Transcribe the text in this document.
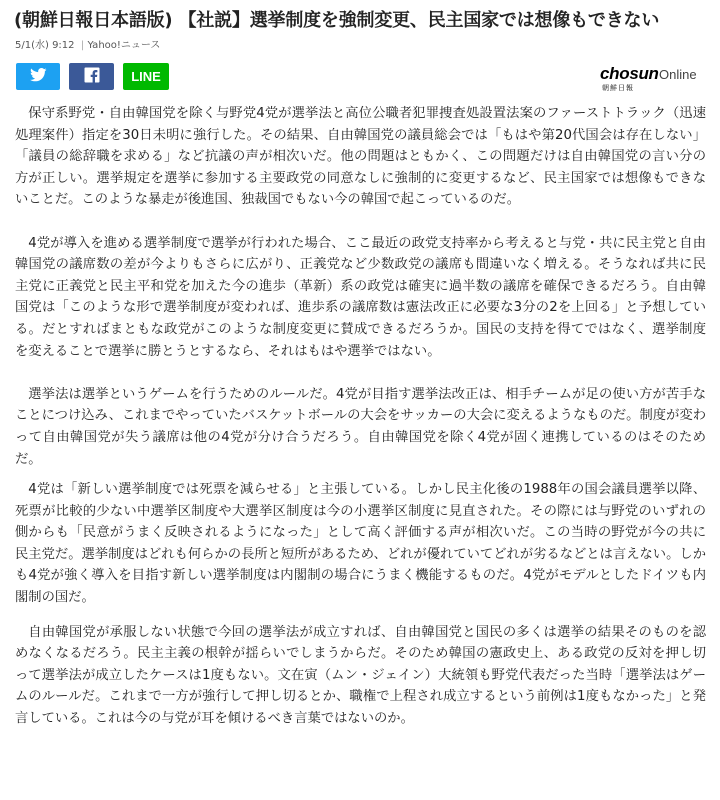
(朝鮮日報日本語版) 【社説】選挙制度を強制変更、民主国家では想像もできない
5/1(水) 9:12  | Yahoo!ニュース
LINE	chosun Online
朝鮮日報

保守系野党・自由韓国党を除く与野党4党が選挙法と高位公職者犯罪捜査処設置法案のファーストトラック（迅速処理案件）指定を30日未明に強行した。その結果、自由韓国党の議員総会では「もはや第20代国会は存在しない」「議員の総辞職を求める」など抗議の声が相次いだ。他の問題はともかく、この問題だけは自由韓国党の言い分の方が正しい。選挙規定を選挙に参加する主要政党の同意なしに強制的に変更するなど、民主国家では想像もできないことだ。このような暴走が後進国、独裁国でもない今の韓国で起こっているのだ。

4党が導入を進める選挙制度で選挙が行われた場合、ここ最近の政党支持率から考えると与党・共に民主党と自由韓国党の議席数の差が今よりもさらに広がり、正義党など少数政党の議席も間違いなく増える。そうなれば共に民主党に正義党と民主平和党を加えた今の進歩（革新）系の政党は確実に過半数の議席を確保できるだろう。自由韓国党は「このような形で選挙制度が変われば、進歩系の議席数は憲法改正に必要な3分の2を上回る」と予想している。だとすればまともな政党がこのような制度変更に賛成できるだろうか。国民の支持を得てではなく、選挙制度を変えることで選挙に勝とうとするなら、それはもはや選挙ではない。

選挙法は選挙というゲームを行うためのルールだ。4党が目指す選挙法改正は、相手チームが足の使い方が苦手なことにつけ込み、これまでやっていたバスケットボールの大会をサッカーの大会に変えるようなものだ。制度が変わって自由韓国党が失う議席は他の4党が分け合うだろう。自由韓国党を除く4党が固く連携しているのはそのためだ。

4党は「新しい選挙制度では死票を減らせる」と主張している。しかし民主化後の1988年の国会議員選挙以降、死票が比較的少ない中選挙区制度や大選挙区制度は今の小選挙区制度に見直された。その際には与野党のいずれの側からも「民意がうまく反映されるようになった」として高く評価する声が相次いだ。この当時の野党が今の共に民主党だ。選挙制度はどれも何らかの長所と短所があるため、どれが優れていてどれが劣るなどとは言えない。しかも4党が強く導入を目指す新しい選挙制度は内閣制の場合にうまく機能するものだ。4党がモデルとしたドイツも内閣制の国だ。

自由韓国党が承服しない状態で今回の選挙法が成立すれば、自由韓国党と国民の多くは選挙の結果そのものを認めなくなるだろう。民主主義の根幹が揺らいでしまうからだ。そのため韓国の憲政史上、ある政党の反対を押し切って選挙法が成立したケースは1度もない。文在寅（ムン・ジェイン）大統領も野党代表だった当時「選挙法はゲームのルールだ。これまで一方が強行して押し切るとか、職権で上程され成立するという前例は1度もなかった」と発言している。これは今の与党が耳を傾けるべき言葉ではないのか。
